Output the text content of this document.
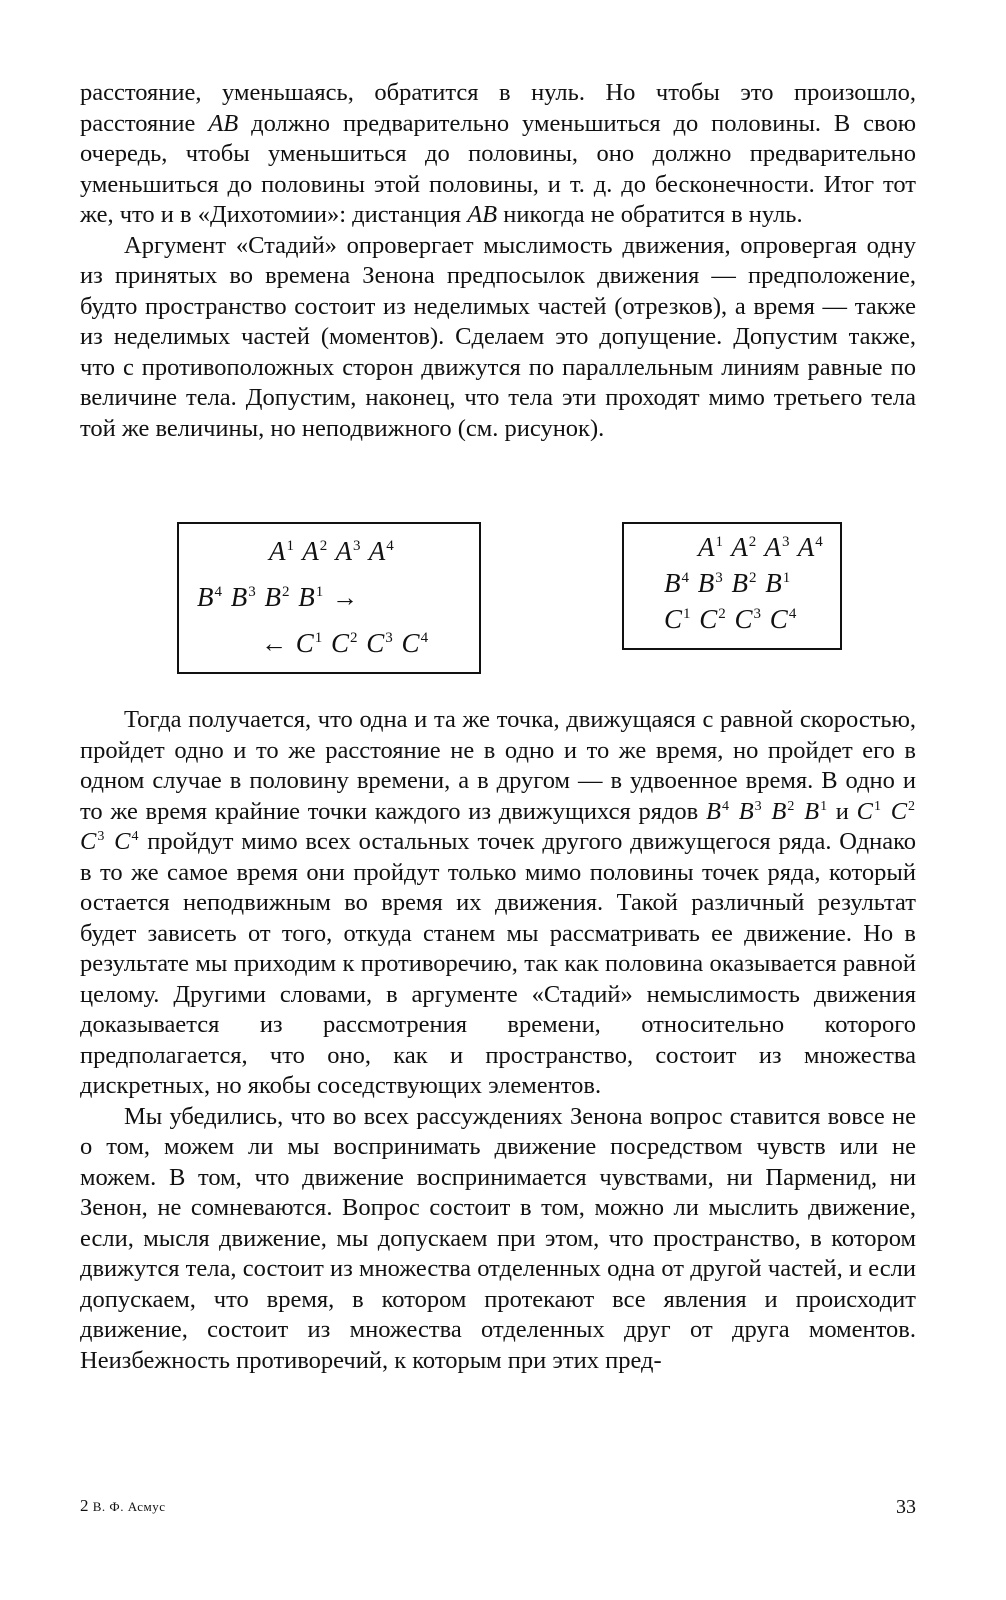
расстояние, уменьшаясь, обратится в нуль. Но чтобы это произошло, расстояние AB должно предварительно уменьшиться до половины. В свою очередь, чтобы уменьшиться до половины, оно должно предварительно уменьшиться до половины этой половины, и т. д. до бесконечности. Итог тот же, что и в «Дихотомии»: дистанция AB никогда не обратится в нуль.

Аргумент «Стадий» опровергает мыслимость движения, опровергая одну из принятых во времена Зенона предпосылок движения — предположение, будто пространство состоит из неделимых частей (отрезков), а время — также из неделимых частей (моментов). Сделаем это допущение. Допустим также, что с противоположных сторон движутся по параллельным линиям равные по величине тела. Допустим, наконец, что тела эти проходят мимо третьего тела той же величины, но неподвижного (см. рисунок).

$A^1$ $A^2$ $A^3$ $A^4$
$B^4$ $B^3$ $B^2$ $B^1$ →
← $C^1$ $C^2$ $C^3$ $C^4$
$A^1$ $A^2$ $A^3$ $A^4$
$B^4$ $B^3$ $B^2$ $B^1$
$C^1$ $C^2$ $C^3$ $C^4$

Тогда получается, что одна и та же точка, движущаяся с равной скоростью, пройдет одно и то же расстояние не в одно и то же время, но пройдет его в одном случае в половину времени, а в другом — в удвоенное время. В одно и то же время крайние точки каждого из движущихся рядов $B^4$ $B^3$ $B^2$ $B^1$ и $C^1$ $C^2$ $C^3$ $C^4$ пройдут мимо всех остальных точек другого движущегося ряда. Однако в то же самое время они пройдут только мимо половины точек ряда, который остается неподвижным во время их движения. Такой различный результат будет зависеть от того, откуда станем мы рассматривать ее движение. Но в результате мы приходим к противоречию, так как половина оказывается равной целому. Другими словами, в аргументе «Стадий» немыслимость движения доказывается из рассмотрения времени, относительно которого предполагается, что оно, как и пространство, состоит из множества дискретных, но якобы соседствующих элементов.

Мы убедились, что во всех рассуждениях Зенона вопрос ставится вовсе не о том, можем ли мы воспринимать движение посредством чувств или не можем. В том, что движение воспринимается чувствами, ни Парменид, ни Зенон, не сомневаются. Вопрос состоит в том, можно ли мыслить движение, если, мысля движение, мы допускаем при этом, что пространство, в котором движутся тела, состоит из множества отделенных одна от другой частей, и если допускаем, что время, в котором протекают все явления и происходит движение, состоит из множества отделенных друг от друга моментов. Неизбежность противоречий, к которым при этих пред-

2 В. Ф. Асмус	33
